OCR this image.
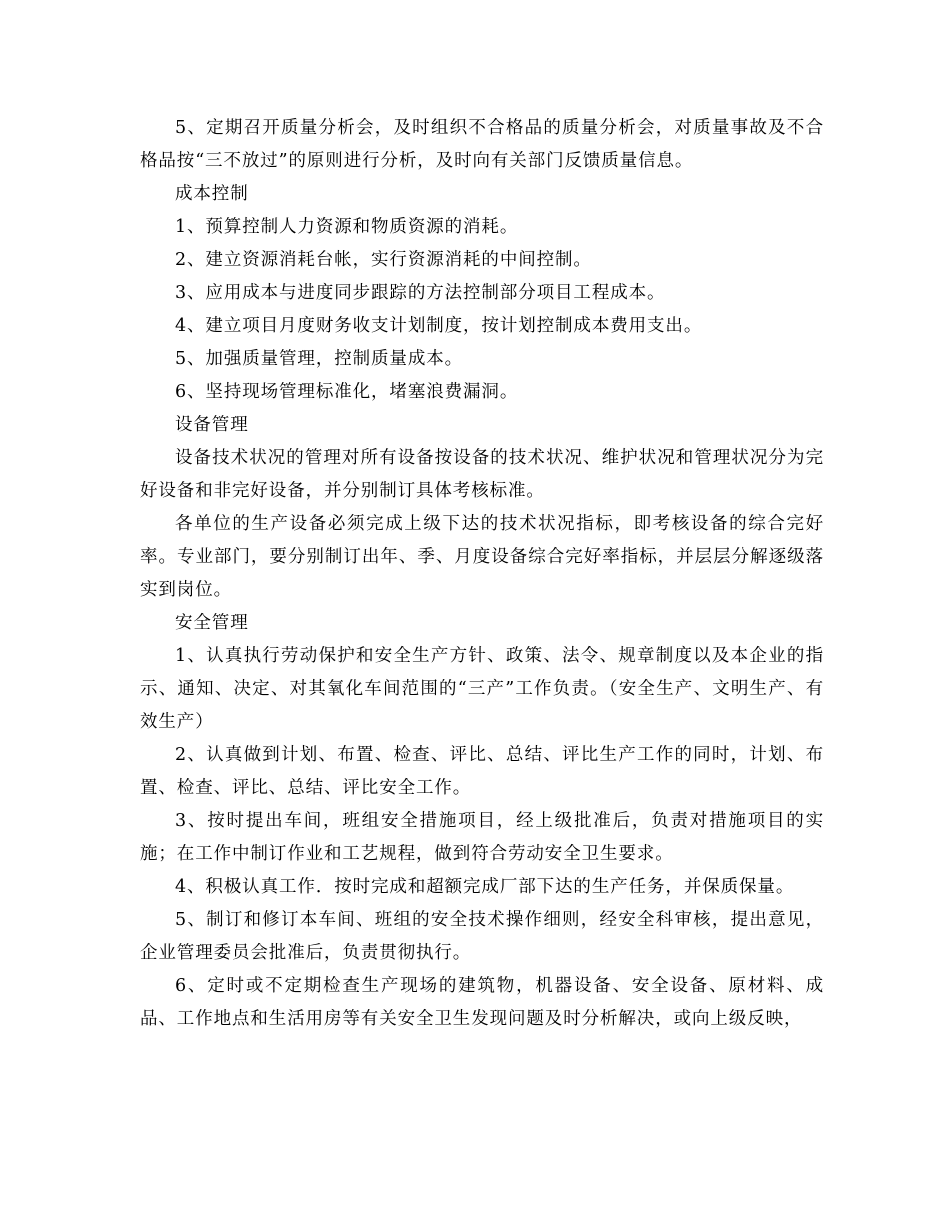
5、定期召开质量分析会，及时组织不合格品的质量分析会，对质量事故及不合格品按“三不放过”的原则进行分析，及时向有关部门反馈质量信息。

成本控制

1、预算控制人力资源和物质资源的消耗。

2、建立资源消耗台帐，实行资源消耗的中间控制。

3、应用成本与进度同步跟踪的方法控制部分项目工程成本。

4、建立项目月度财务收支计划制度，按计划控制成本费用支出。

5、加强质量管理，控制质量成本。

6、坚持现场管理标准化，堵塞浪费漏洞。

设备管理

设备技术状况的管理对所有设备按设备的技术状况、维护状况和管理状况分为完好设备和非完好设备，并分别制订具体考核标准。

各单位的生产设备必须完成上级下达的技术状况指标，即考核设备的综合完好率。专业部门，要分别制订出年、季、月度设备综合完好率指标，并层层分解逐级落实到岗位。

安全管理

1、认真执行劳动保护和安全生产方针、政策、法令、规章制度以及本企业的指示、通知、决定、对其氧化车间范围的“三产”工作负责。（安全生产、文明生产、有效生产）

2、认真做到计划、布置、检查、评比、总结、评比生产工作的同时，计划、布置、检查、评比、总结、评比安全工作。

3、按时提出车间，班组安全措施项目，经上级批准后，负责对措施项目的实施；在工作中制订作业和工艺规程，做到符合劳动安全卫生要求。

4、积极认真工作．按时完成和超额完成厂部下达的生产任务，并保质保量。

5、制订和修订本车间、班组的安全技术操作细则，经安全科审核，提出意见，企业管理委员会批准后，负责贯彻执行。

6、定时或不定期检查生产现场的建筑物，机器设备、安全设备、原材料、成品、工作地点和生活用房等有关安全卫生发现问题及时分析解决，或向上级反映，
